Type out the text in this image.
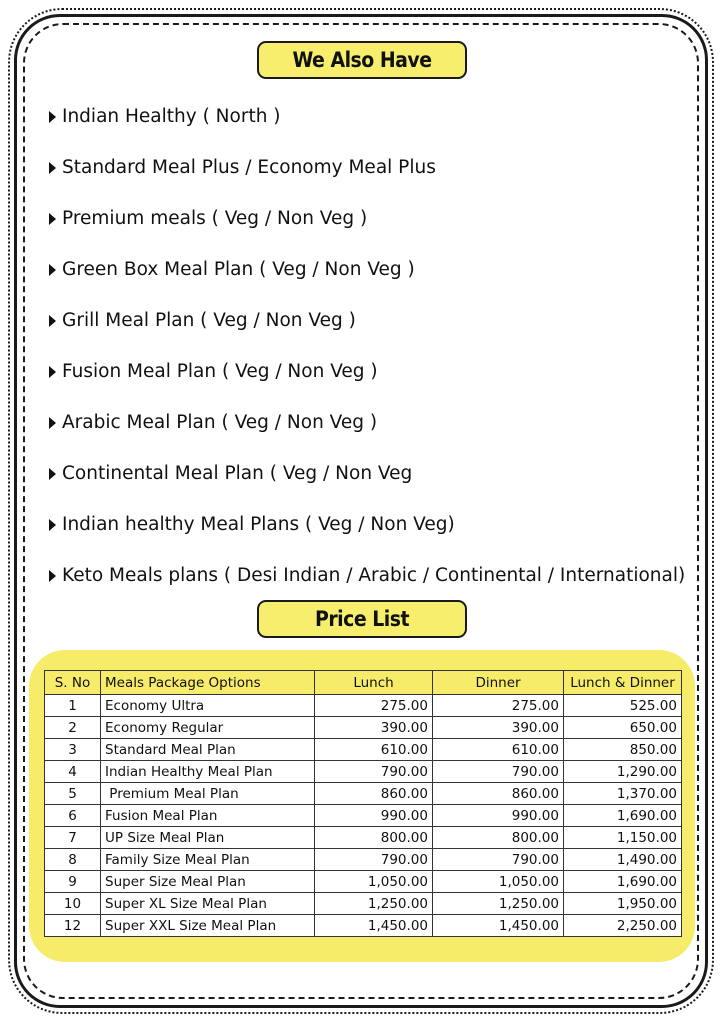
We Also Have
Indian Healthy ( North )
Standard Meal Plus / Economy Meal Plus
Premium meals ( Veg / Non Veg )
Green Box Meal Plan ( Veg / Non Veg )
Grill Meal Plan ( Veg / Non Veg )
Fusion Meal Plan ( Veg / Non Veg )
Arabic Meal Plan ( Veg / Non Veg )
Continental Meal Plan ( Veg / Non Veg
Indian healthy Meal Plans ( Veg / Non Veg)
Keto Meals plans ( Desi Indian / Arabic / Continental / International)
Price List
S. No	Meals Package Options	Lunch	Dinner	Lunch & Dinner
1	Economy Ultra	275.00	275.00	525.00
2	Economy Regular	390.00	390.00	650.00
3	Standard Meal Plan	610.00	610.00	850.00
4	Indian Healthy Meal Plan	790.00	790.00	1,290.00
5	Premium Meal Plan	860.00	860.00	1,370.00
6	Fusion Meal Plan	990.00	990.00	1,690.00
7	UP Size Meal Plan	800.00	800.00	1,150.00
8	Family Size Meal Plan	790.00	790.00	1,490.00
9	Super Size Meal Plan	1,050.00	1,050.00	1,690.00
10	Super XL Size Meal Plan	1,250.00	1,250.00	1,950.00
12	Super XXL Size Meal Plan	1,450.00	1,450.00	2,250.00
